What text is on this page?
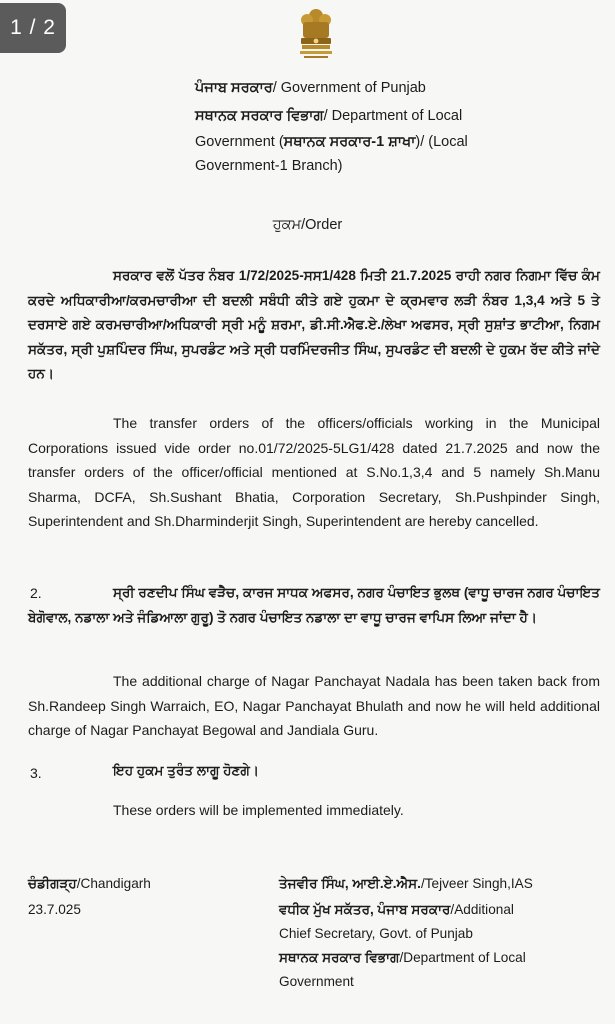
1 / 2
ਪੰਜਾਬ ਸਰਕਾਰ/ Government of Punjab
ਸਥਾਨਕ ਸਰਕਾਰ ਵਿਭਾਗ/ Department of Local
Government (ਸਥਾਨਕ ਸਰਕਾਰ-1 ਸ਼ਾਖਾ)/ (Local
Government-1 Branch)
ਹੁਕਮ/Order

ਸਰਕਾਰ ਵਲੋਂ ਪੱਤਰ ਨੰਬਰ 1/72/2025-ਸਸ1/428 ਮਿਤੀ 21.7.2025 ਰਾਹੀ ਨਗਰ ਨਿਗਮਾ ਵਿੱਚ ਕੰਮ ਕਰਦੇ ਅਧਿਕਾਰੀਆ/ਕਰਮਚਾਰੀਆ ਦੀ ਬਦਲੀ ਸਬੰਧੀ ਕੀਤੇ ਗਏ ਹੁਕਮਾ ਦੇ ਕ੍ਰਮਵਾਰ ਲੜੀ ਨੰਬਰ 1,3,4 ਅਤੇ 5 ਤੇ ਦਰਸਾਏ ਗਏ ਕਰਮਚਾਰੀਆ/ਅਧਿਕਾਰੀ ਸ੍ਰੀ ਮਨੂੰ ਸ਼ਰਮਾ, ਡੀ.ਸੀ.ਐਫ.ਏ./ਲੇਖਾ ਅਫਸਰ, ਸ੍ਰੀ ਸੁਸ਼ਾਂਤ ਭਾਟੀਆ, ਨਿਗਮ ਸਕੱਤਰ, ਸ੍ਰੀ ਪੁਸ਼ਪਿੰਦਰ ਸਿੰਘ, ਸੁਪਰਡੰਟ ਅਤੇ ਸ੍ਰੀ ਧਰਮਿੰਦਰਜੀਤ ਸਿੰਘ, ਸੁਪਰਡੰਟ ਦੀ ਬਦਲੀ ਦੇ ਹੁਕਮ ਰੱਦ ਕੀਤੇ ਜਾਂਦੇ ਹਨ।

The transfer orders of the officers/officials working in the Municipal Corporations issued vide order no.01/72/2025-5LG1/428 dated 21.7.2025 and now the transfer orders of the officer/official mentioned at S.No.1,3,4 and 5 namely Sh.Manu Sharma, DCFA, Sh.Sushant Bhatia, Corporation Secretary, Sh.Pushpinder Singh, Superintendent and Sh.Dharminderjit Singh, Superintendent are hereby cancelled.

2.	ਸ੍ਰੀ ਰਣਦੀਪ ਸਿੰਘ ਵੜੈਚ, ਕਾਰਜ ਸਾਧਕ ਅਫਸਰ, ਨਗਰ ਪੰਚਾਇਤ ਭੁਲਥ (ਵਾਧੂ ਚਾਰਜ ਨਗਰ ਪੰਚਾਇਤ ਬੇਗੋਵਾਲ, ਨਡਾਲਾ ਅਤੇ ਜੰਡਿਆਲਾ ਗੁਰੂ) ਤੋ ਨਗਰ ਪੰਚਾਇਤ ਨਡਾਲਾ ਦਾ ਵਾਧੂ ਚਾਰਜ ਵਾਪਿਸ ਲਿਆ ਜਾਂਦਾ ਹੈ।

The additional charge of Nagar Panchayat Nadala has been taken back from Sh.Randeep Singh Warraich, EO, Nagar Panchayat Bhulath and now he will held additional charge of Nagar Panchayat Begowal and Jandiala Guru.

3.	ਇਹ ਹੁਕਮ ਤੁਰੰਤ ਲਾਗੂ ਹੋਣਗੇ।
These orders will be implemented immediately.
ਚੰਡੀਗੜ੍ਹ/Chandigarh
23.7.025
ਤੇਜਵੀਰ ਸਿੰਘ, ਆਈ.ਏ.ਐਸ./Tejveer Singh,IAS
ਵਧੀਕ ਮੁੱਖ ਸਕੱਤਰ, ਪੰਜਾਬ ਸਰਕਾਰ/Additional
Chief Secretary, Govt. of Punjab
ਸਥਾਨਕ ਸਰਕਾਰ ਵਿਭਾਗ/Department of Local
Government
